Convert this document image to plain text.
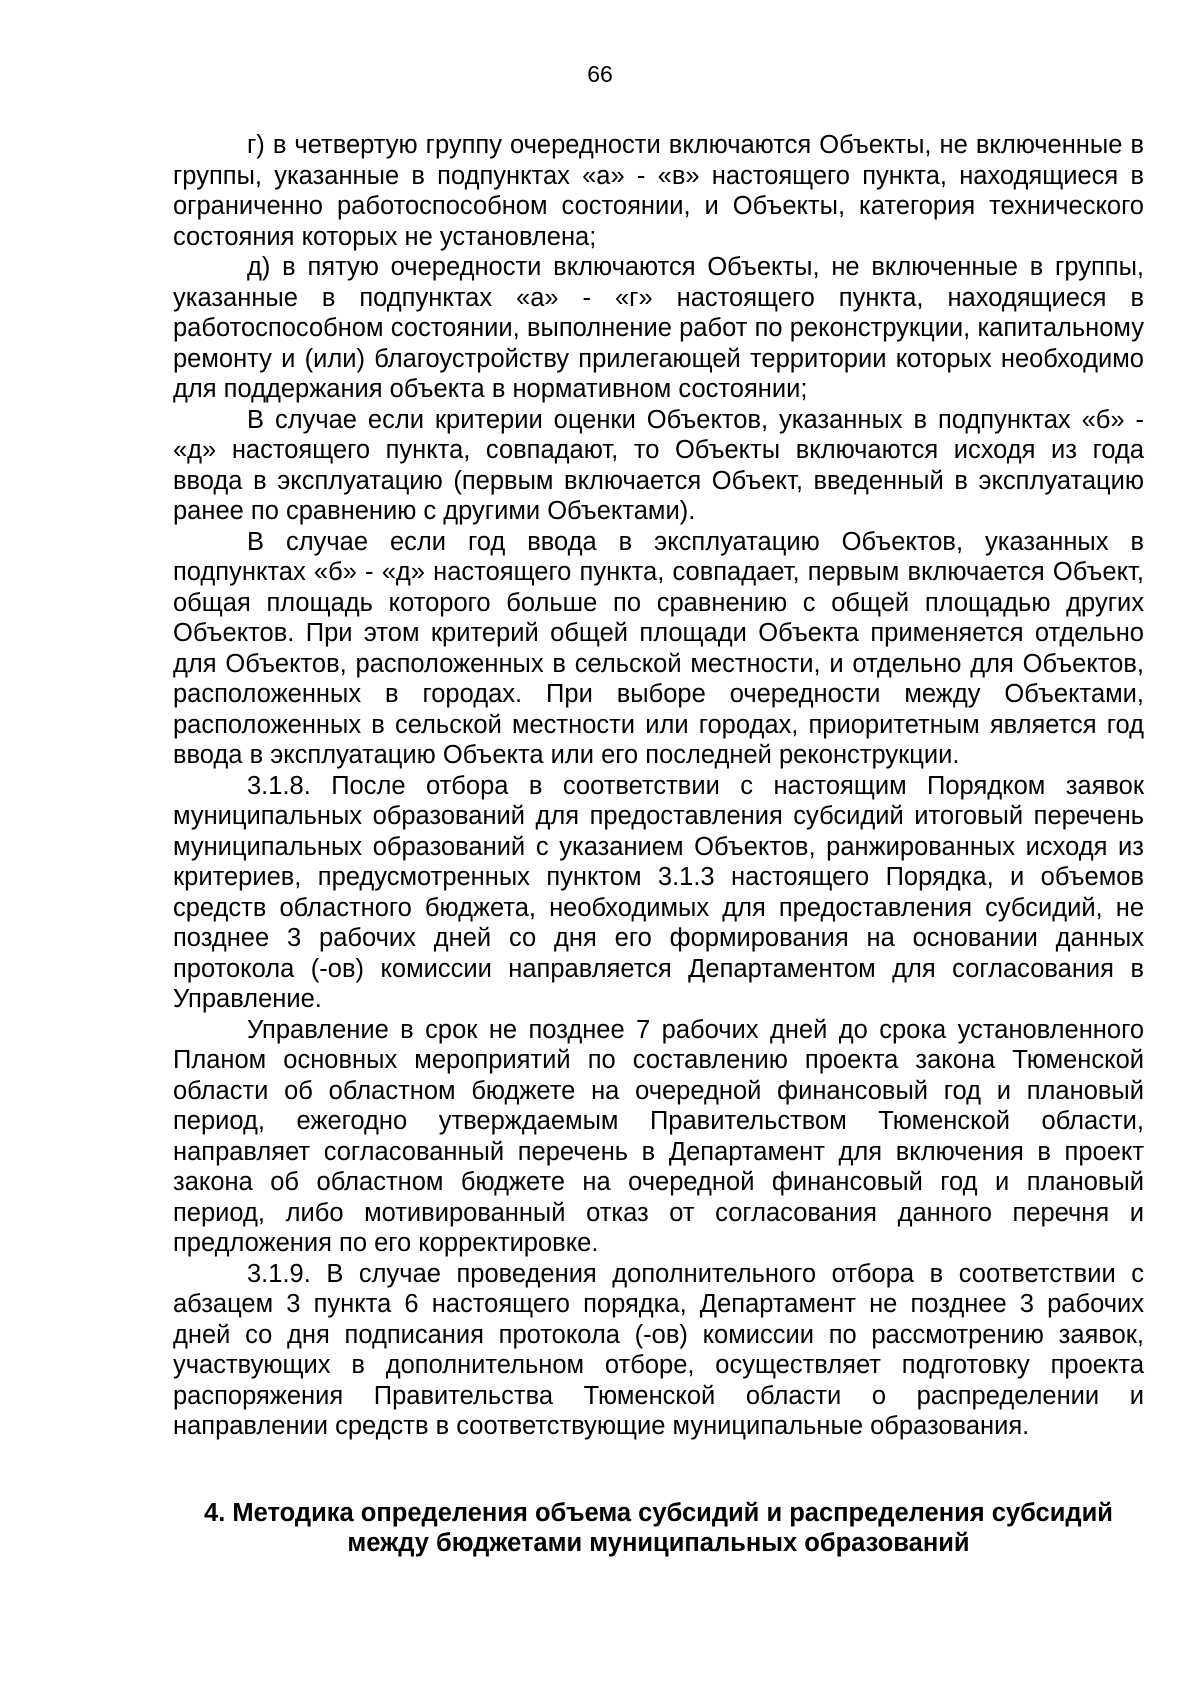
66

г) в четвертую группу очередности включаются Объекты, не включенные в группы, указанные в подпунктах «а» - «в» настоящего пункта, находящиеся в ограниченно работоспособном состоянии, и Объекты, категория технического состояния которых не установлена;

д) в пятую очередности включаются Объекты, не включенные в группы, указанные в подпунктах «а» - «г» настоящего пункта, находящиеся в работоспособном состоянии, выполнение работ по реконструкции, капитальному ремонту и (или) благоустройству прилегающей территории которых необходимо для поддержания объекта в нормативном состоянии;

В случае если критерии оценки Объектов, указанных в подпунктах «б» - «д» настоящего пункта, совпадают, то Объекты включаются исходя из года ввода в эксплуатацию (первым включается Объект, введенный в эксплуатацию ранее по сравнению с другими Объектами).

В случае если год ввода в эксплуатацию Объектов, указанных в подпунктах «б» - «д» настоящего пункта, совпадает, первым включается Объект, общая площадь которого больше по сравнению с общей площадью других Объектов. При этом критерий общей площади Объекта применяется отдельно для Объектов, расположенных в сельской местности, и отдельно для Объектов, расположенных в городах. При выборе очередности между Объектами, расположенных в сельской местности или городах, приоритетным является год ввода в эксплуатацию Объекта или его последней реконструкции.

3.1.8. После отбора в соответствии с настоящим Порядком заявок муниципальных образований для предоставления субсидий итоговый перечень муниципальных образований с указанием Объектов, ранжированных исходя из критериев, предусмотренных пунктом 3.1.3 настоящего Порядка, и объемов средств областного бюджета, необходимых для предоставления субсидий, не позднее 3 рабочих дней со дня его формирования на основании данных протокола (-ов) комиссии направляется Департаментом для согласования в Управление.

Управление в срок не позднее 7 рабочих дней до срока установленного Планом основных мероприятий по составлению проекта закона Тюменской области об областном бюджете на очередной финансовый год и плановый период, ежегодно утверждаемым Правительством Тюменской области, направляет согласованный перечень в Департамент для включения в проект закона об областном бюджете на очередной финансовый год и плановый период, либо мотивированный отказ от согласования данного перечня и предложения по его корректировке.

3.1.9. В случае проведения дополнительного отбора в соответствии с абзацем 3 пункта 6 настоящего порядка, Департамент не позднее 3 рабочих дней со дня подписания протокола (-ов) комиссии по рассмотрению заявок, участвующих в дополнительном отборе, осуществляет подготовку проекта распоряжения Правительства Тюменской области о распределении и направлении средств в соответствующие муниципальные образования.

4. Методика определения объема субсидий и распределения субсидий
между бюджетами муниципальных образований
